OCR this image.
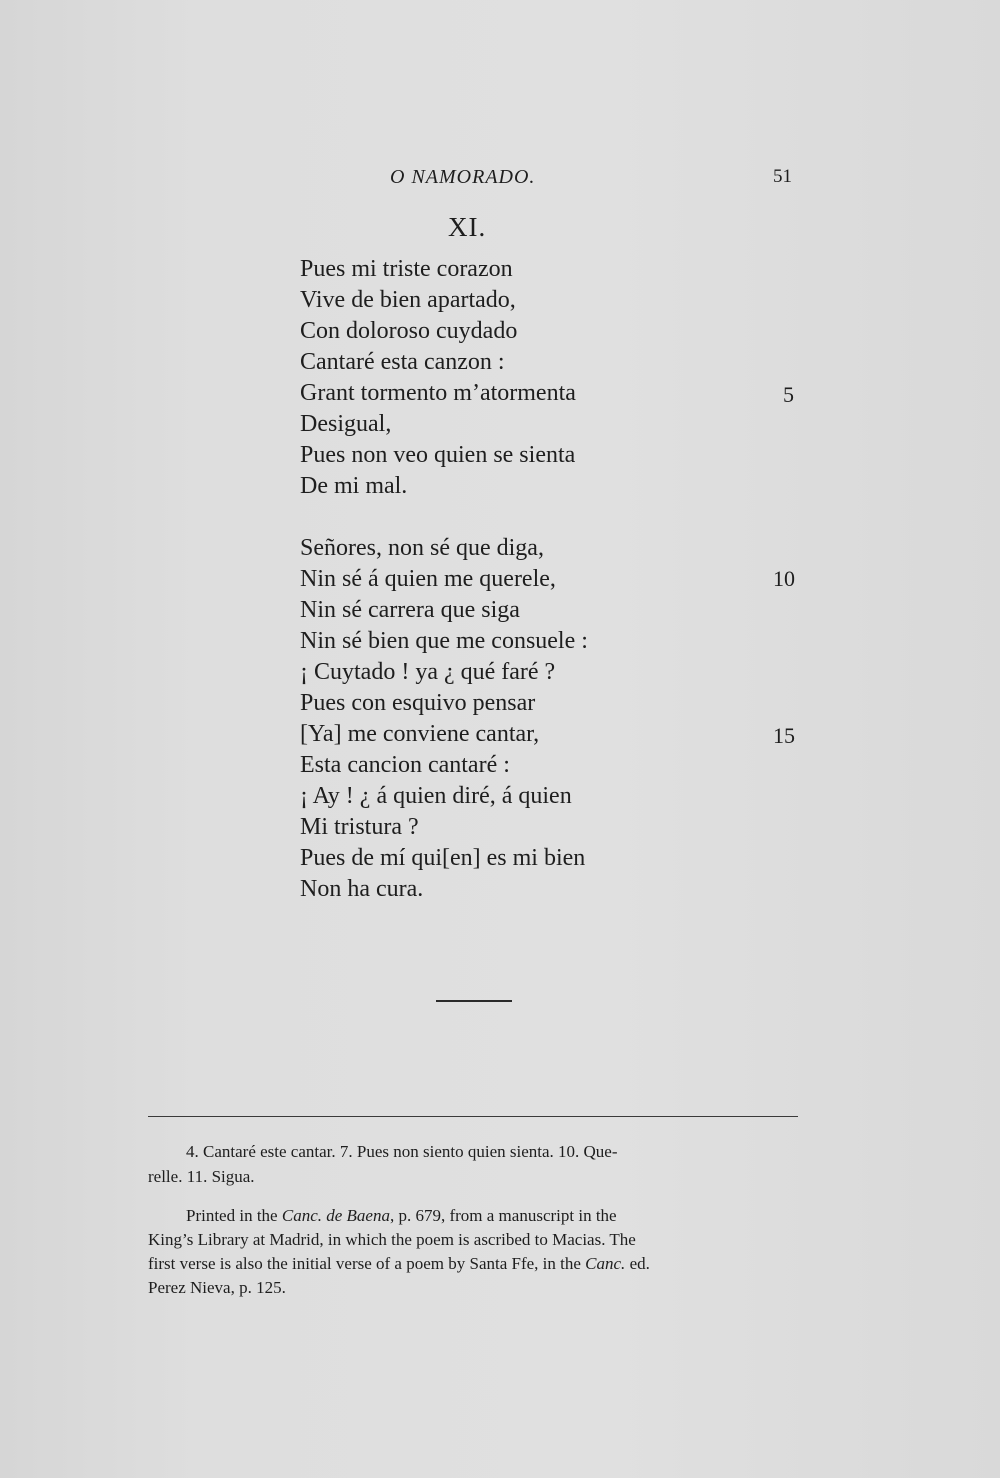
O NAMORADO.	51
XI.
Pues mi triste corazon
Vive de bien apartado,
Con doloroso cuydado
Cantaré esta canzon :
Grant tormento m’atormenta
Desigual,
Pues non veo quien se sienta
De mi mal.
Señores, non sé que diga,
Nin sé á quien me querele,
Nin sé carrera que siga
Nin sé bien que me consuele :
¡ Cuytado ! ya ¿ qué faré ?
Pues con esquivo pensar
[Ya] me conviene cantar,
Esta cancion cantaré :
¡ Ay ! ¿ á quien diré, á quien
Mi tristura ?
Pues de mí qui[en] es mi bien
Non ha cura.
5
10
15
4. Cantaré este cantar. 7. Pues non siento quien sienta. 10. Que-
relle. 11. Sigua.
Printed in the Canc. de Baena, p. 679, from a manuscript in the
King’s Library at Madrid, in which the poem is ascribed to Macias. The
first verse is also the initial verse of a poem by Santa Ffe, in the Canc. ed.
Perez Nieva, p. 125.
